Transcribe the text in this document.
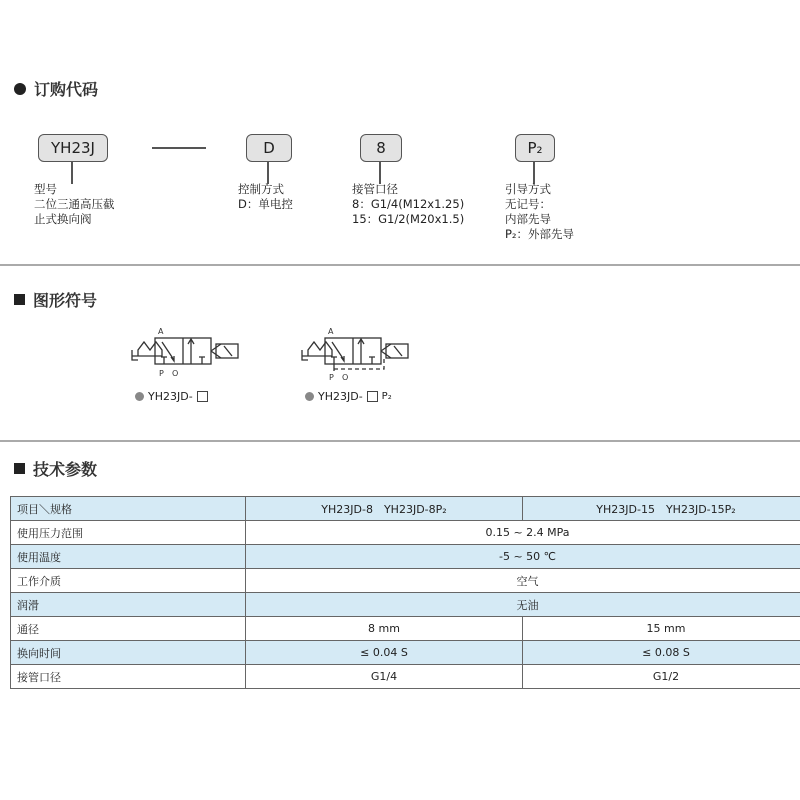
订购代码
YH23J
型号
二位三通高压截
止式换向阀
D
控制方式
D：单电控
8
接管口径
8：G1/4(M12x1.25)
15：G1/2(M20x1.5)
P₂
引导方式
无记号：
内部先导
P₂：外部先导
图形符号
A
P O
YH23JD-
A
P O
YH23JD- P₂
技术参数
项目＼规格	YH23JD-8　YH23JD-8P₂	YH23JD-15　YH23JD-15P₂
使用压力范围	0.15 ~ 2.4 MPa	
使用温度	-5 ~ 50 ℃	
工作介质	空气	
润滑	无油	
通径	8 mm	15 mm
换向时间	≤ 0.04 S	≤ 0.08 S
接管口径	G1/4	G1/2
